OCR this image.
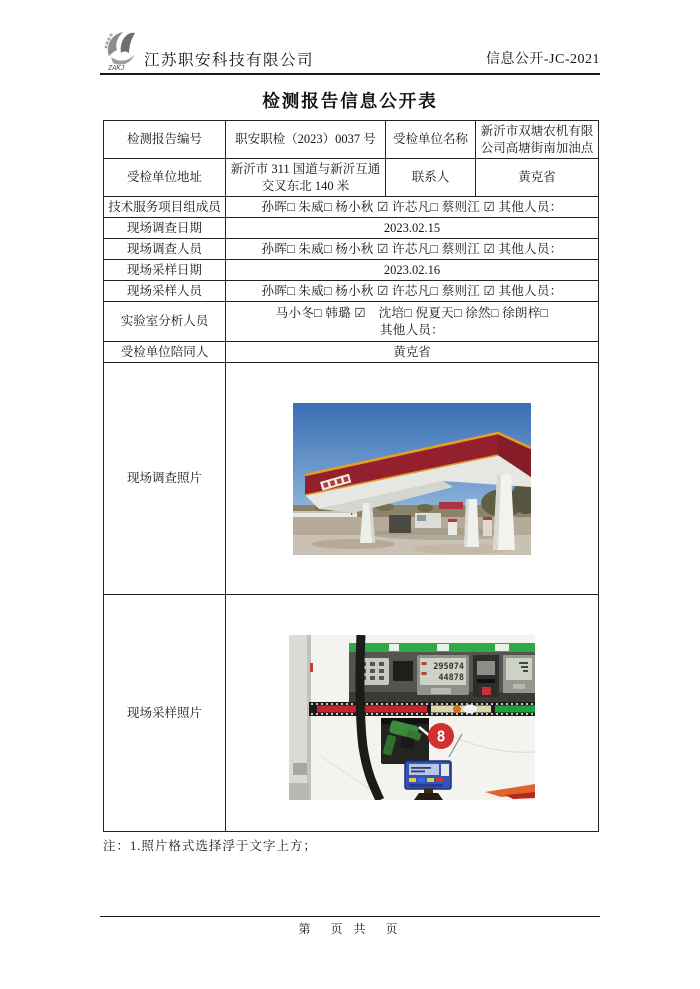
ZAKJ 江苏职安科技有限公司	信息公开-JC-2021
检测报告信息公开表
检测报告编号	职安职检（2023）0037 号	受检单位名称	新沂市双塘农机有限公司高塘街南加油点
受检单位地址	新沂市 311 国道与新沂互通交叉东北 140 米	联系人	黄克省
技术服务项目组成员	孙晖□ 朱威□ 杨小秋 ☑ 许芯凡□ 蔡则江 ☑ 其他人员：		
现场调查日期	2023.02.15		
现场调查人员	孙晖□ 朱威□ 杨小秋 ☑ 许芯凡□ 蔡则江 ☑ 其他人员：		
现场采样日期	2023.02.16		
现场采样人员	孙晖□ 朱威□ 杨小秋 ☑ 许芯凡□ 蔡则江 ☑ 其他人员：		
实验室分析人员	马小冬□ 韩璐 ☑　沈培□ 倪夏天□ 徐然□ 徐朗梓□
其他人员：		

受检单位陪同人	黄克省		
现场调查照片	
现场采样照片	295074
44878
8		
注：1.照片格式选择浮于文字上方；
第　页 共　页
